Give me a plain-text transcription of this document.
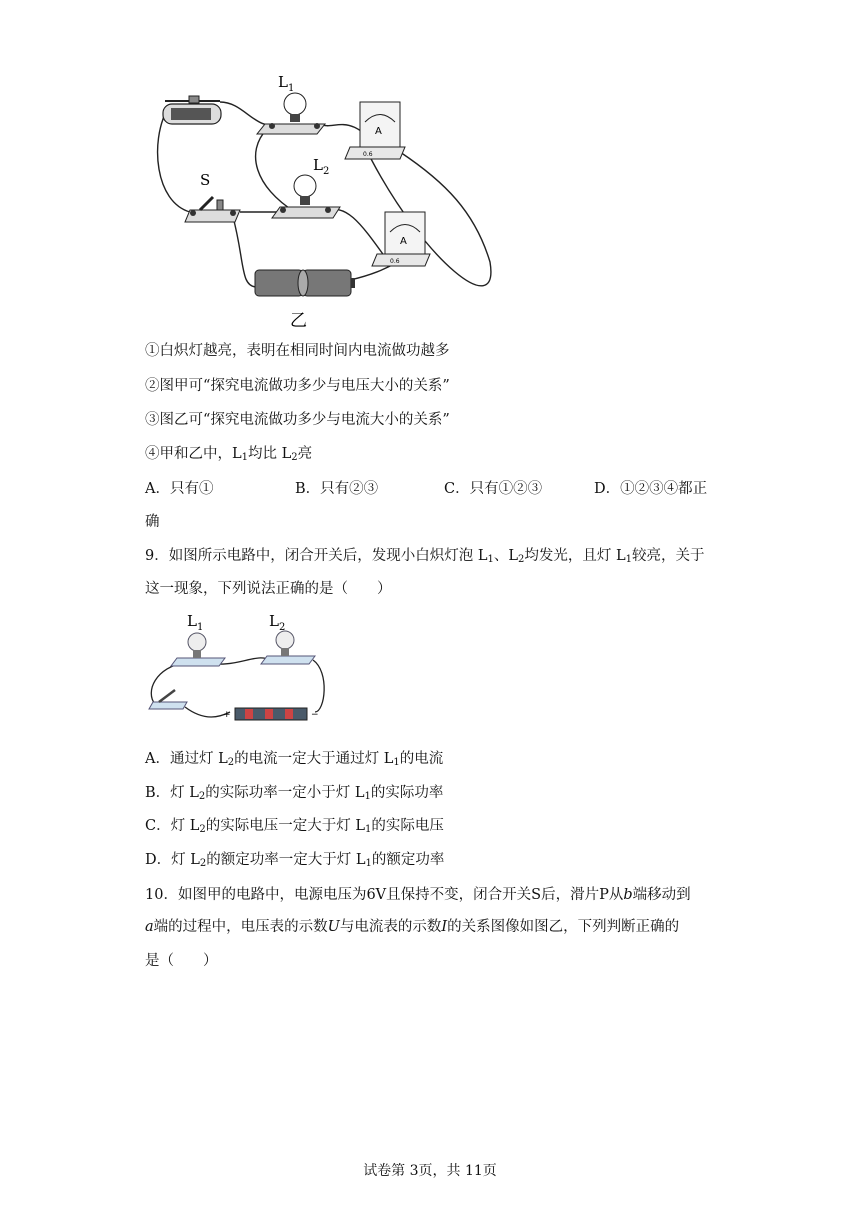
$L_1$
A
0.6
$L_2$
S
A
0.6
乙
①白炽灯越亮，表明在相同时间内电流做功越多
②图甲可“探究电流做功多少与电压大小的关系”
③图乙可“探究电流做功多少与电流大小的关系”
④甲和乙中，$L_1$均比 $L_2$亮
A．只有①	B．只有②③	C．只有①②③	D．①②③④都正
确
9．如图所示电路中，闭合开关后，发现小白炽灯泡 $L_1$、$L_2$均发光，且灯 $L_1$较亮，关于
这一现象，下列说法正确的是（　　）
$L_1$	$L_2$
+	−
A．通过灯 $L_2$的电流一定大于通过灯 $L_1$的电流
B．灯 $L_2$的实际功率一定小于灯 $L_1$的实际功率
C．灯 $L_2$的实际电压一定大于灯 $L_1$的实际电压
D．灯 $L_2$的额定功率一定大于灯 $L_1$的额定功率
10．如图甲的电路中，电源电压为6V且保持不变，闭合开关S后，滑片P从b端移动到
a端的过程中，电压表的示数U与电流表的示数I的关系图像如图乙，下列判断正确的
是（　　）
试卷第 3页，共 11页
